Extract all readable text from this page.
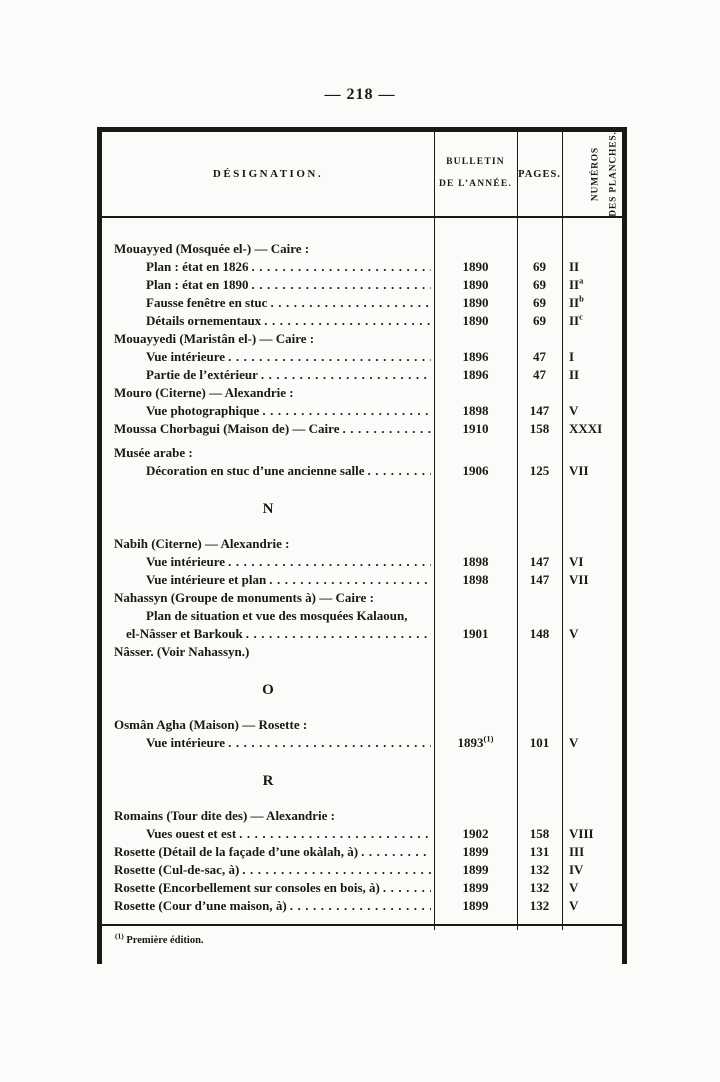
— 218 —
DÉSIGNATION.
BULLETIN
DE L’ANNÉE.
PAGES.	NUMÉROS DES PLANCHES.
Mouayyed (Mosquée el-) — Caire :
Plan : état en 1826 .....	1890	69	II
Plan : état en 1890 .....	1890	69	$II^a$
Fausse fenêtre en stuc .....	1890	69	$II^b$
Détails ornementaux .....	1890	69	$II^c$
Mouayyedi (Maristân el-) — Caire :
Vue intérieure .....	1896	47	I
Partie de l’extérieur .....	1896	47	II
Mouro (Citerne) — Alexandrie :
Vue photographique .....	1898	147	V
Moussa Chorbagui (Maison de) — Caire .....	1910	158	XXXI
Musée arabe :
Décoration en stuc d’une ancienne salle .....	1906	125	VII
N
Nabih (Citerne) — Alexandrie :
Vue intérieure .....	1898	147	VI
Vue intérieure et plan .....	1898	147	VII
Nahassyn (Groupe de monuments à) — Caire :
Plan de situation et vue des mosquées Kalaoun,
el-Nâsser et Barkouk .....	1901	148	V
Nâsser. (Voir Nahassyn.)
O
Osmân Agha (Maison) — Rosette :
Vue intérieure .....	1893$^{(1)}$	101	V
R
Romains (Tour dite des) — Alexandrie :
Vues ouest et est .....	1902	158	VIII
Rosette (Détail de la façade d’une okàlah, à) .....	1899	131	III
Rosette (Cul-de-sac, à) .....	1899	132	IV
Rosette (Encorbellement sur consoles en bois, à) .....	1899	132	V
Rosette (Cour d’une maison, à) .....	1899	132	V
$^{(1)}$ Première édition.
